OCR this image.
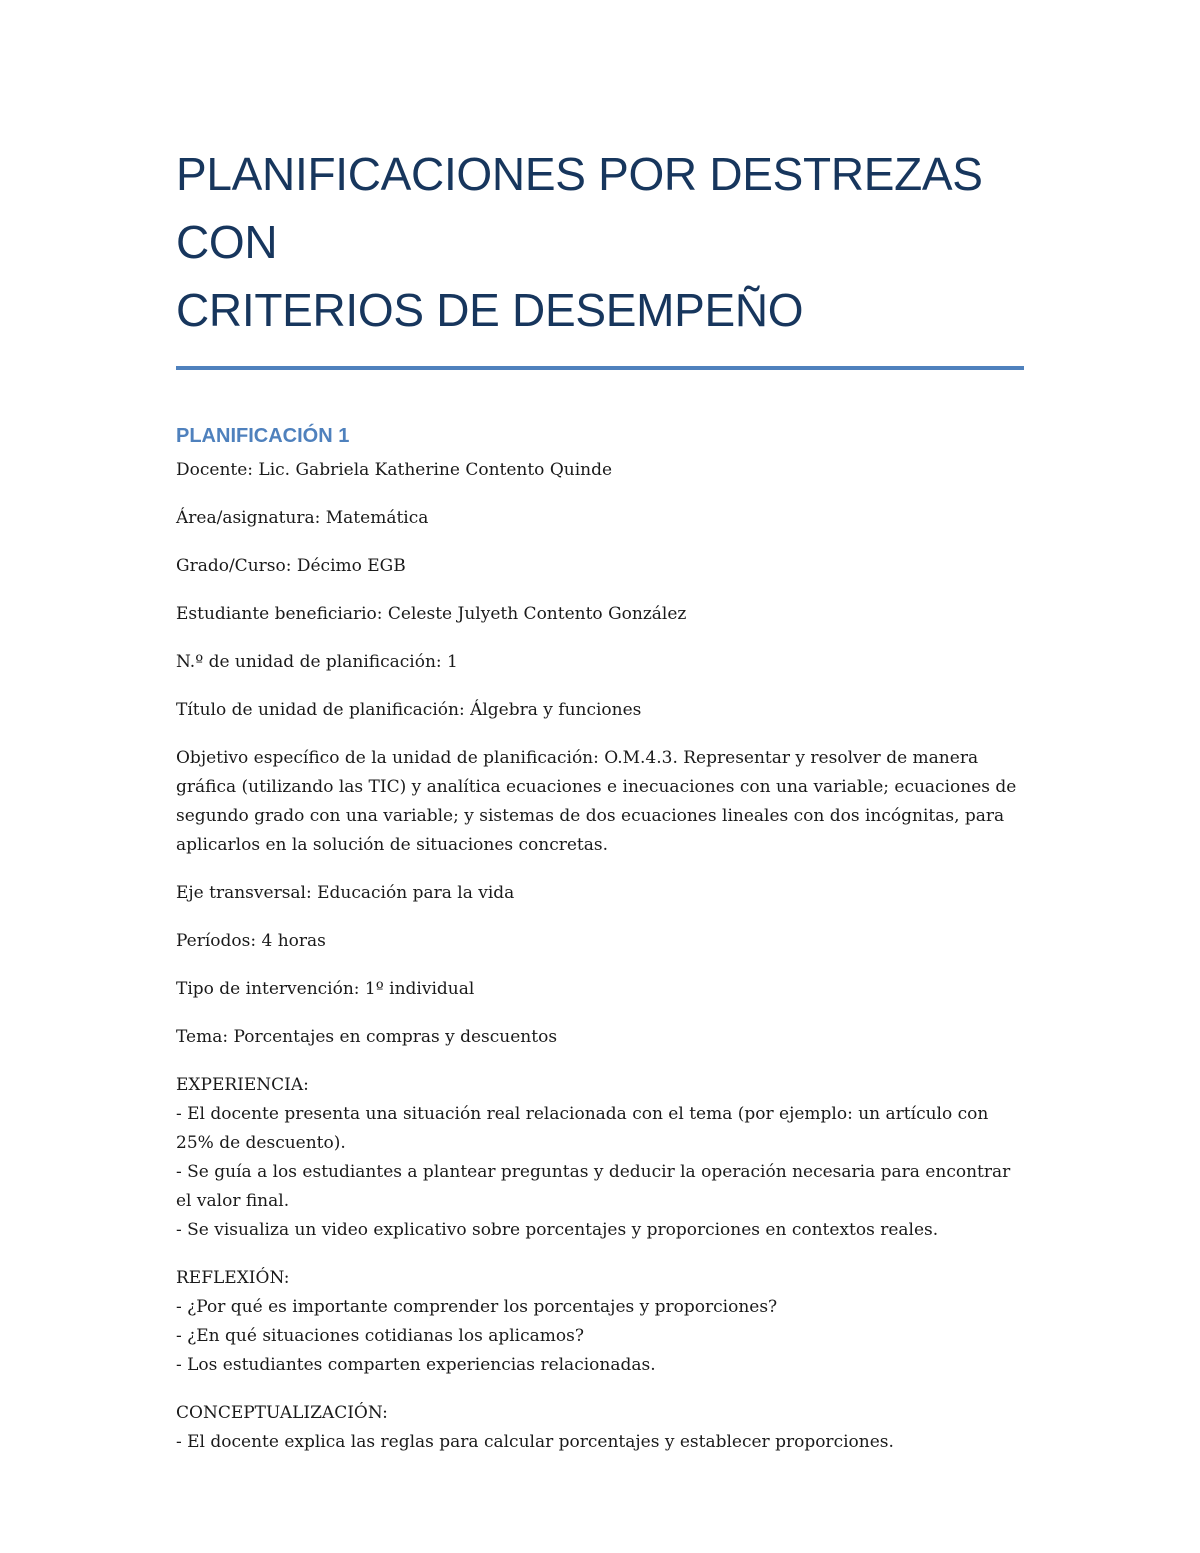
PLANIFICACIONES POR DESTREZAS CON
CRITERIOS DE DESEMPEÑO
PLANIFICACIÓN 1

Docente: Lic. Gabriela Katherine Contento Quinde

Área/asignatura: Matemática

Grado/Curso: Décimo EGB

Estudiante beneficiario: Celeste Julyeth Contento González

N.º de unidad de planificación: 1

Título de unidad de planificación: Álgebra y funciones

Objetivo específico de la unidad de planificación: O.M.4.3. Representar y resolver de manera gráfica (utilizando las TIC) y analítica ecuaciones e inecuaciones con una variable; ecuaciones de segundo grado con una variable; y sistemas de dos ecuaciones lineales con dos incógnitas, para aplicarlos en la solución de situaciones concretas.

Eje transversal: Educación para la vida

Períodos: 4 horas

Tipo de intervención: 1º individual

Tema: Porcentajes en compras y descuentos

EXPERIENCIA:
- El docente presenta una situación real relacionada con el tema (por ejemplo: un artículo con 25% de descuento).
- Se guía a los estudiantes a plantear preguntas y deducir la operación necesaria para encontrar el valor final.
- Se visualiza un video explicativo sobre porcentajes y proporciones en contextos reales.
REFLEXIÓN:
- ¿Por qué es importante comprender los porcentajes y proporciones?
- ¿En qué situaciones cotidianas los aplicamos?
- Los estudiantes comparten experiencias relacionadas.
CONCEPTUALIZACIÓN:
- El docente explica las reglas para calcular porcentajes y establecer proporciones.
